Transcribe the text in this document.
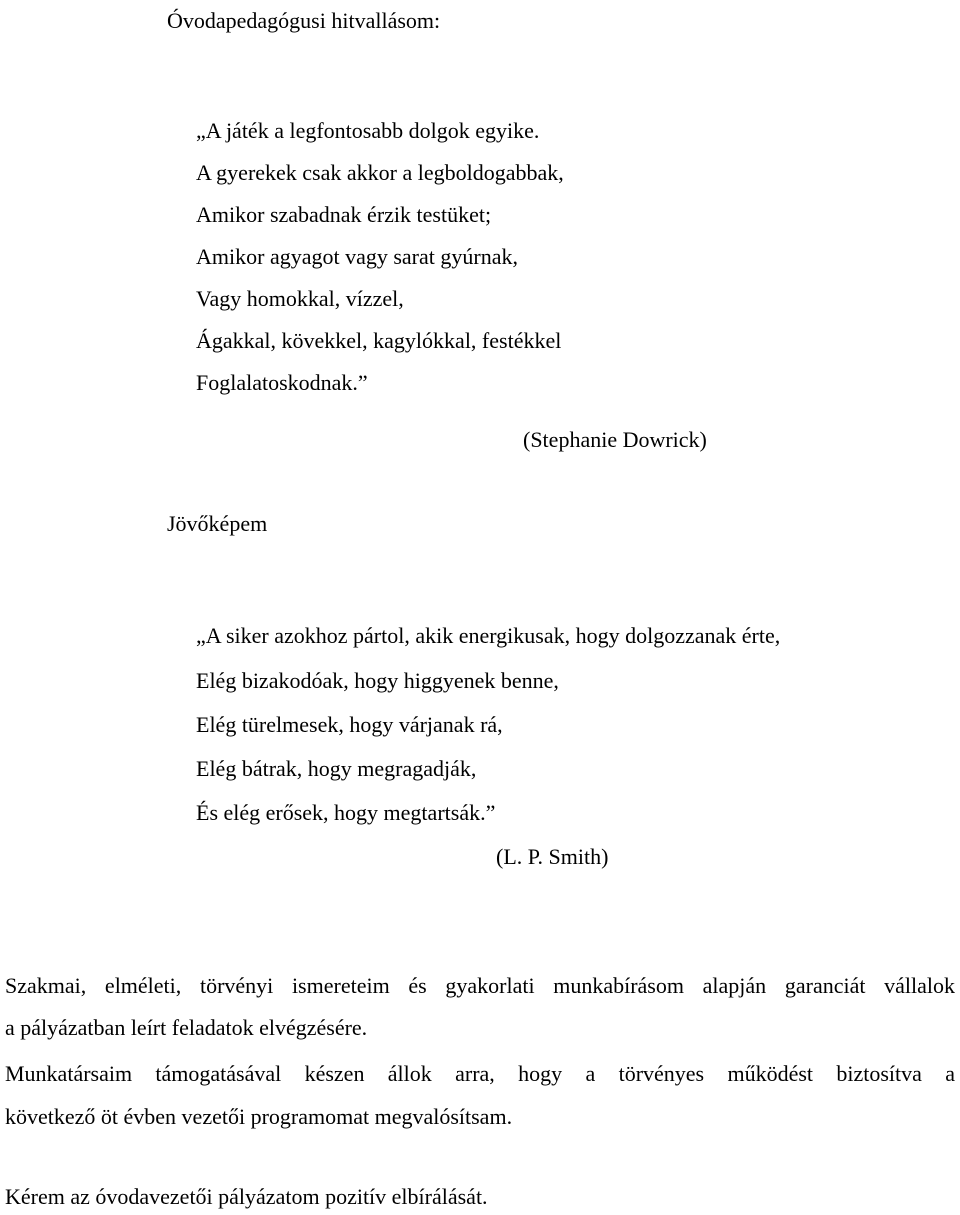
Óvodapedagógusi hitvallásom:

„A játék a legfontosabb dolgok egyike.

A gyerekek csak akkor a legboldogabbak,

Amikor szabadnak érzik testüket;

Amikor agyagot vagy sarat gyúrnak,

Vagy homokkal, vízzel,

Ágakkal, kövekkel, kagylókkal, festékkel

Foglalatoskodnak.”

(Stephanie Dowrick)

Jövőképem

„A siker azokhoz pártol, akik energikusak, hogy dolgozzanak érte,

Elég bizakodóak, hogy higgyenek benne,

Elég türelmesek, hogy várjanak rá,

Elég bátrak, hogy megragadják,

És elég erősek, hogy megtartsák.”

(L. P. Smith)

Szakmai, elméleti, törvényi ismereteim és gyakorlati munkabírásom alapján garanciát vállalok

a pályázatban leírt feladatok elvégzésére.

Munkatársaim támogatásával készen állok arra, hogy a törvényes működést biztosítva a

következő öt évben vezetői programomat megvalósítsam.

Kérem az óvodavezetői pályázatom pozitív elbírálását.
